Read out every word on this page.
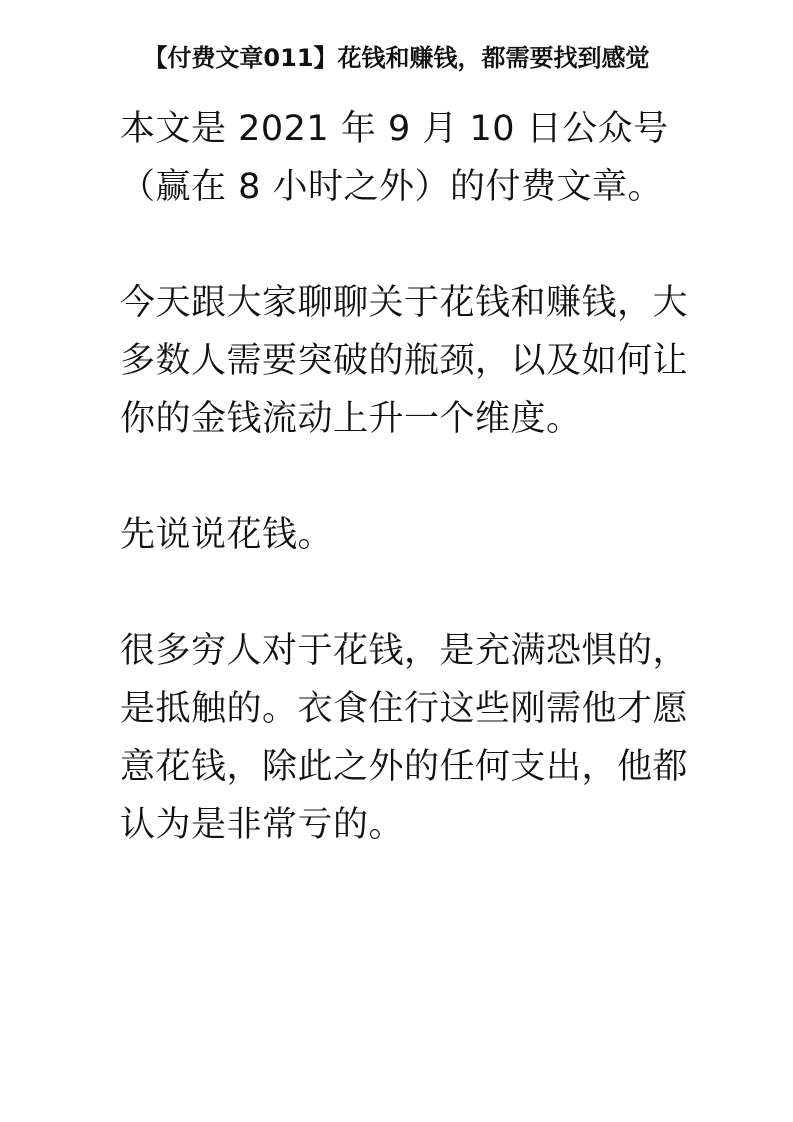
【付费文章011】花钱和赚钱，都需要找到感觉
本文是 2021 年 9 月 10 日公众号
（赢在 8 小时之外）的付费文章。
今天跟大家聊聊关于花钱和赚钱，大
多数人需要突破的瓶颈，以及如何让
你的金钱流动上升一个维度。
先说说花钱。
很多穷人对于花钱，是充满恐惧的，
是抵触的。衣食住行这些刚需他才愿
意花钱，除此之外的任何支出，他都
认为是非常亏的。
